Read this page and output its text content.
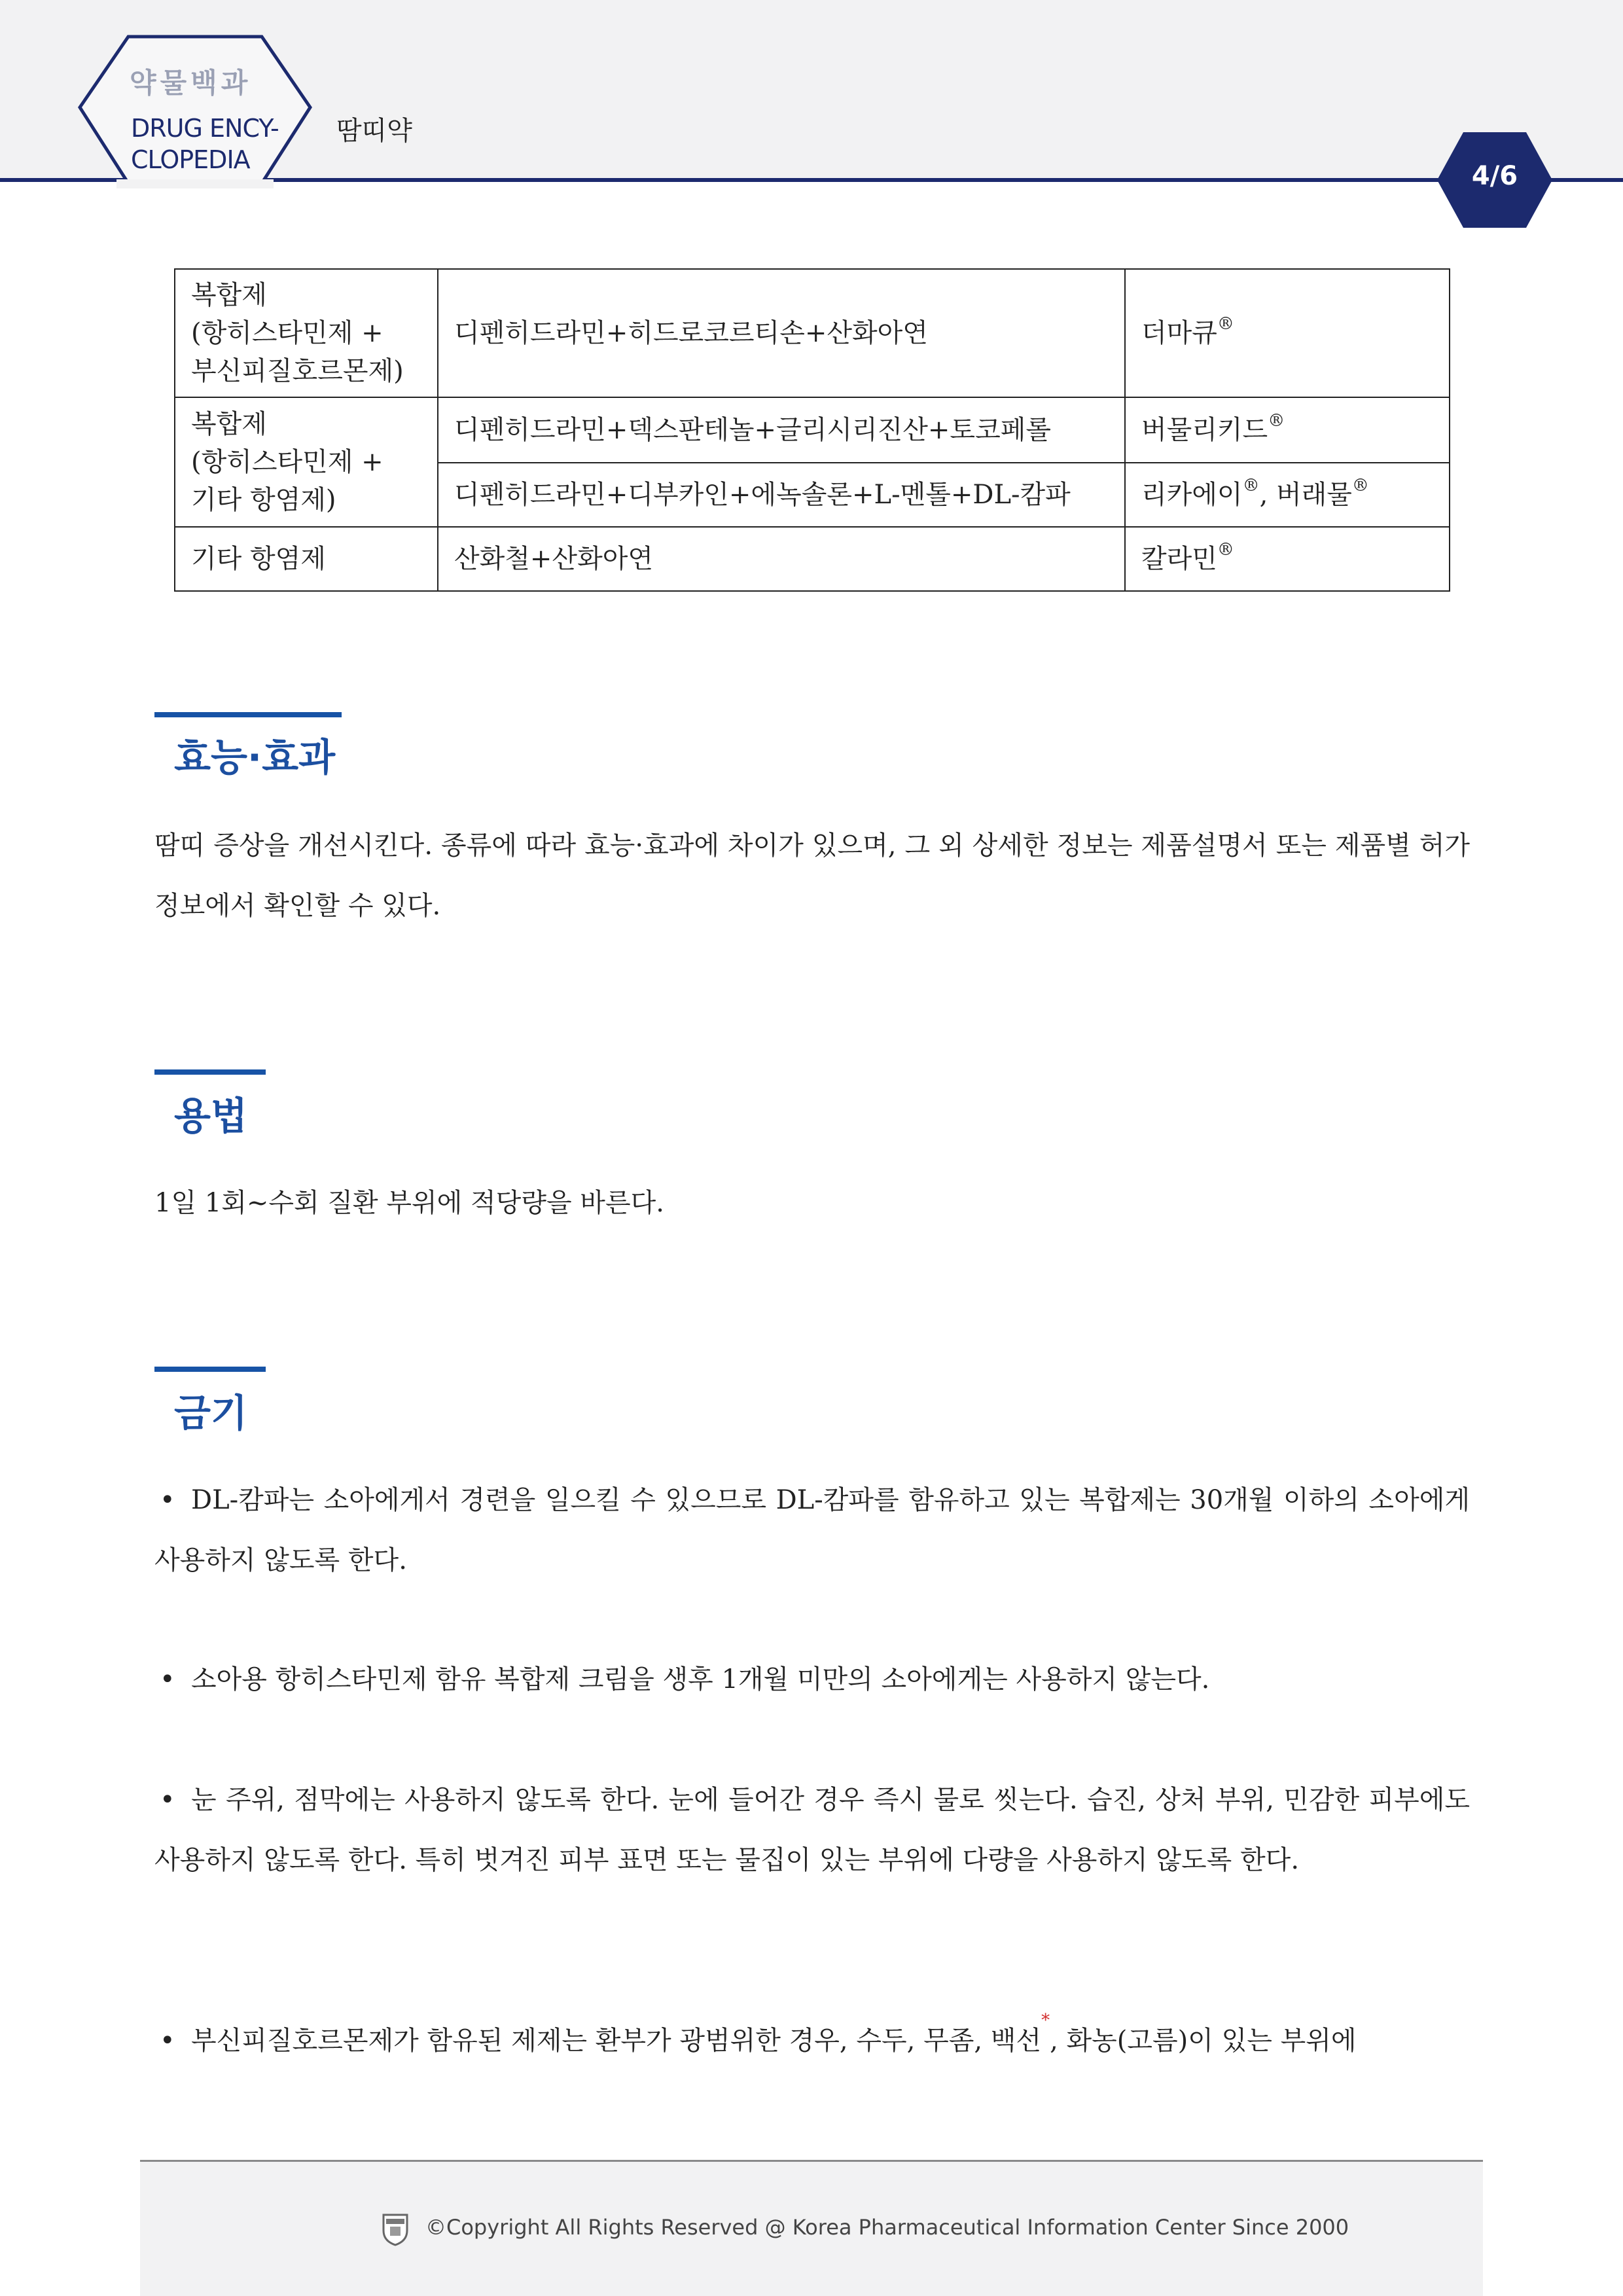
약물백과
DRUG ENCY-
CLOPEDIA
땀띠약
4/6
복합제
(항히스타민제 +
부신피질호르몬제)	디펜히드라민+히드로코르티손+산화아연	더마큐®
복합제
(항히스타민제 +
기타 항염제)	디펜히드라민+덱스판테놀+글리시리진산+토코페롤	버물리키드®
	디펜히드라민+디부카인+에녹솔론+L-멘톨+DL-캄파	리카에이®, 버래물®
기타 항염제	산화철+산화아연	칼라민®
효능·효과
땀띠 증상을 개선시킨다. 종류에 따라 효능·효과에 차이가 있으며, 그 외 상세한 정보는 제품설명서 또는 제품별 허가정보에서 확인할 수 있다.
용법
1일 1회~수회 질환 부위에 적당량을 바른다.
금기
• DL-캄파는 소아에게서 경련을 일으킬 수 있으므로 DL-캄파를 함유하고 있는 복합제는 30개월 이하의 소아에게 사용하지 않도록 한다.
• 소아용 항히스타민제 함유 복합제 크림을 생후 1개월 미만의 소아에게는 사용하지 않는다.
• 눈 주위, 점막에는 사용하지 않도록 한다. 눈에 들어간 경우 즉시 물로 씻는다. 습진, 상처 부위, 민감한 피부에도 사용하지 않도록 한다. 특히 벗겨진 피부 표면 또는 물집이 있는 부위에 다량을 사용하지 않도록 한다.
• 부신피질호르몬제가 함유된 제제는 환부가 광범위한 경우, 수두, 무좀, 백선*, 화농(고름)이 있는 부위에
©Copyright All Rights Reserved @ Korea Pharmaceutical Information Center Since 2000
